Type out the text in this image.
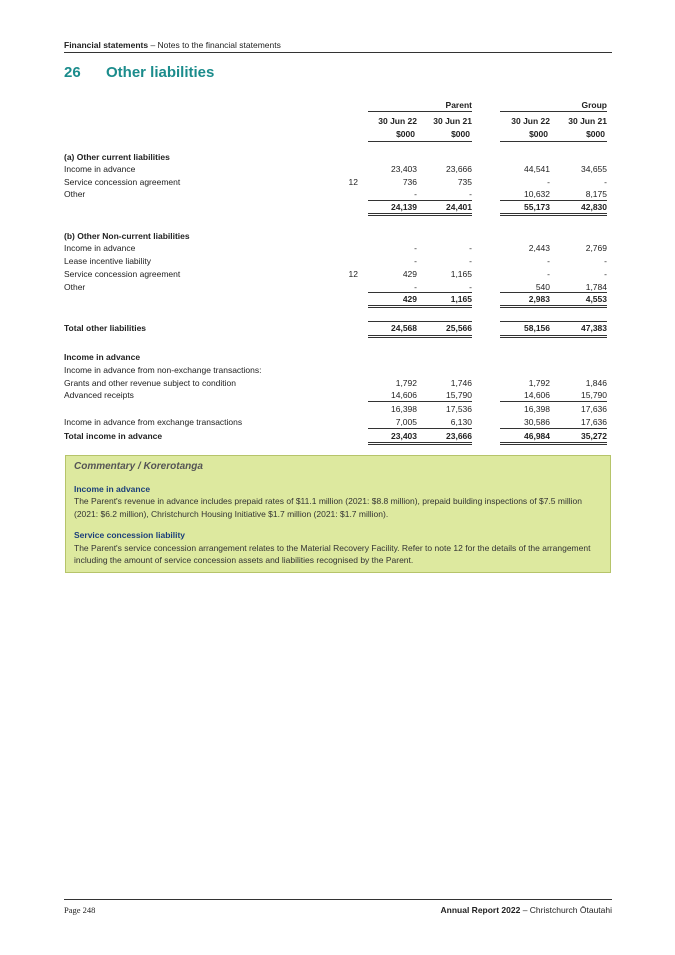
Financial statements – Notes to the financial statements
26 Other liabilities
Parent	Group
30 Jun 22	30 Jun 21	30 Jun 22	30 Jun 21
$000	$000	$000	$000
(a) Other current liabilities
Income in advance	23,403	23,666	44,541	34,655
Service concession agreement	12	736	735	-	-
Other	-	-	10,632	8,175
24,139	24,401	55,173	42,830
(b) Other Non-current liabilities
Income in advance	-	-	2,443	2,769
Lease incentive liability	-	-	-	-
Service concession agreement	12	429	1,165	-	-
Other	-	-	540	1,784
429	1,165	2,983	4,553
Total other liabilities	24,568	25,566	58,156	47,383
Income in advance
Income in advance from non-exchange transactions:
Grants and other revenue subject to condition	1,792	1,746	1,792	1,846
Advanced receipts	14,606	15,790	14,606	15,790
16,398	17,536	16,398	17,636
Income in advance from exchange transactions	7,005	6,130	30,586	17,636
Total income in advance	23,403	23,666	46,984	35,272
Commentary / Korerotanga
Income in advance
The Parent's revenue in advance includes prepaid rates of $11.1 million (2021: $8.8 million), prepaid building inspections of $7.5 million (2021: $6.2 million), Christchurch Housing Initiative $1.7 million (2021: $1.7 million).
Service concession liability
The Parent's service concession arrangement relates to the Material Recovery Facility. Refer to note 12 for the details of the arrangement including the amount of service concession assets and liabilities recognised by the Parent.
Page 248	Annual Report 2022 – Christchurch Ōtautahi
